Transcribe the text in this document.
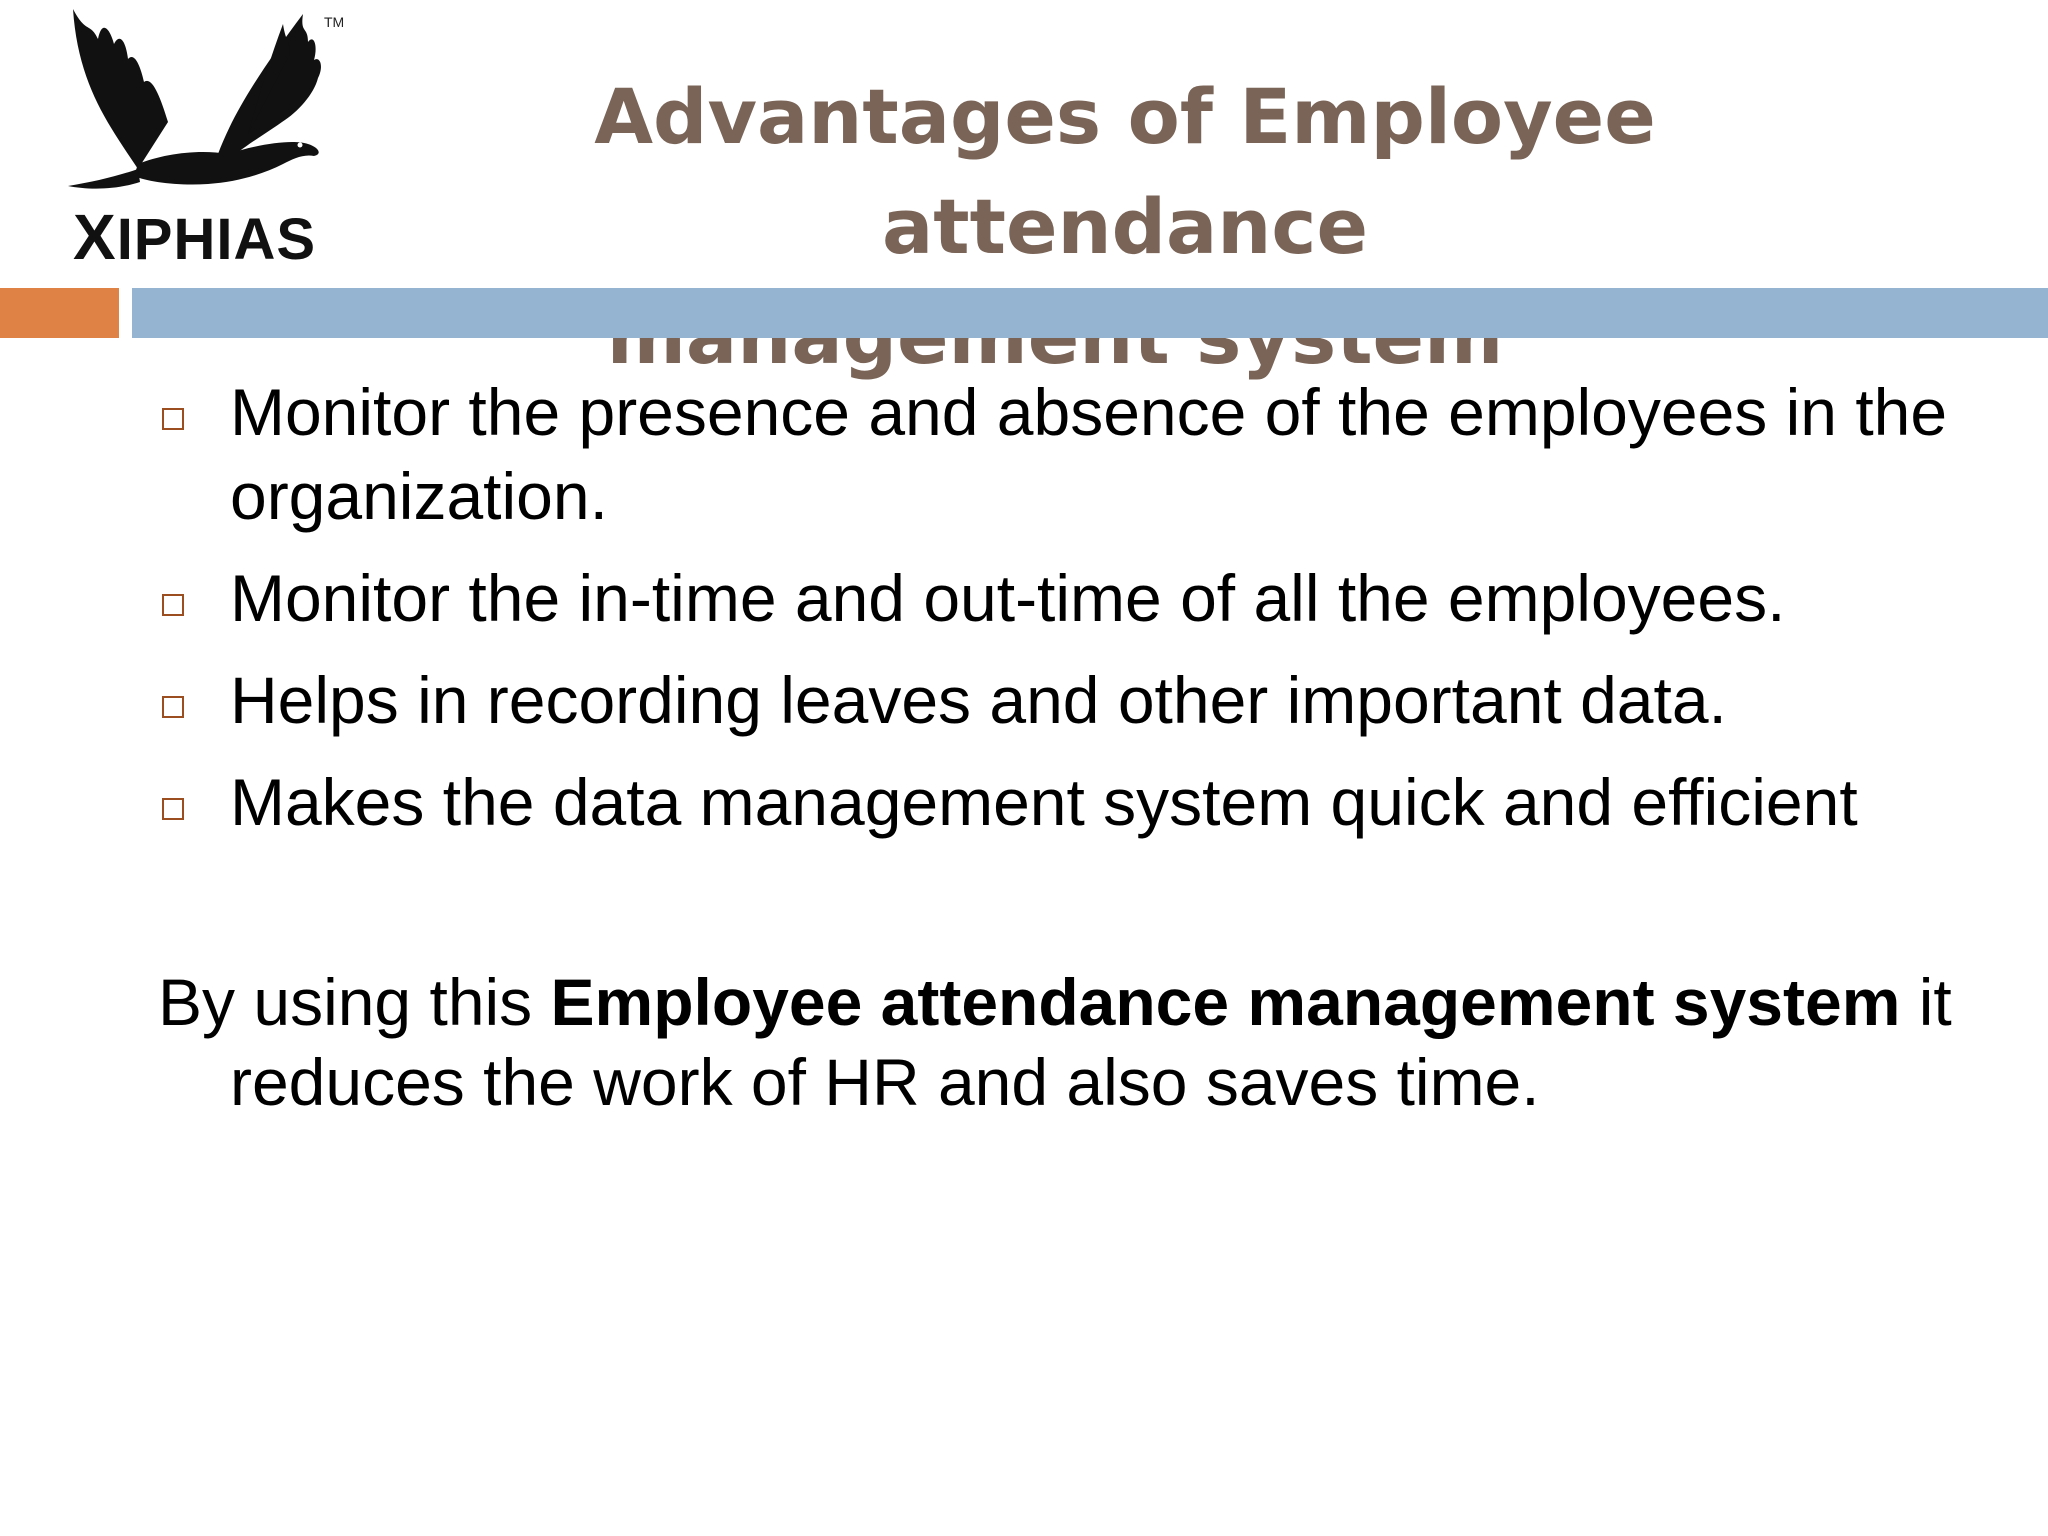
TM
XIPHIAS
Advantages of Employee attendance
Monitor the presence and absence of the employees in the organization.
Monitor the in-time and out-time of all the employees.
Helps in recording leaves and other important data.
Makes the data management system quick and efficient
By using this Employee attendance management system it reduces the work of HR and also saves time.
